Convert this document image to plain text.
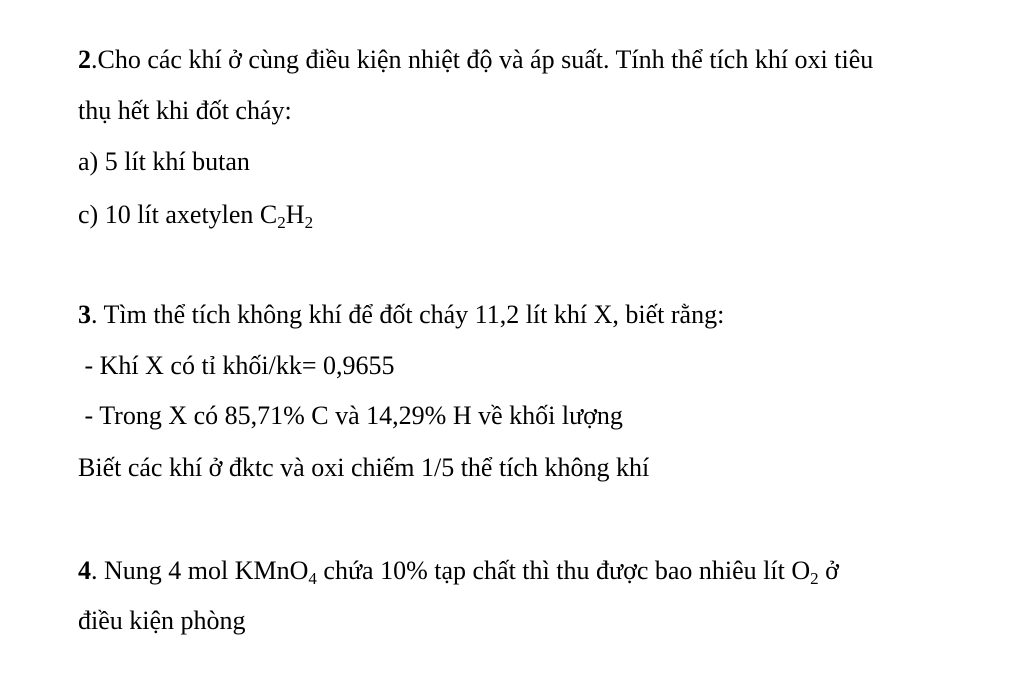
2.Cho các khí ở cùng điều kiện nhiệt độ và áp suất. Tính thể tích khí oxi tiêu
thụ hết khi đốt cháy:
a) 5 lít khí butan
c) 10 lít axetylen $C_2H_2$
3. Tìm thể tích không khí để đốt cháy 11,2 lít khí X, biết rằng:
- Khí X có tỉ khối/kk= 0,9655
- Trong X có 85,71% C và 14,29% H về khối lượng
Biết các khí ở đktc và oxi chiếm 1/5 thể tích không khí
4. Nung 4 mol KMnO$_4$ chứa 10% tạp chất thì thu được bao nhiêu lít $O_2$ ở
điều kiện phòng
